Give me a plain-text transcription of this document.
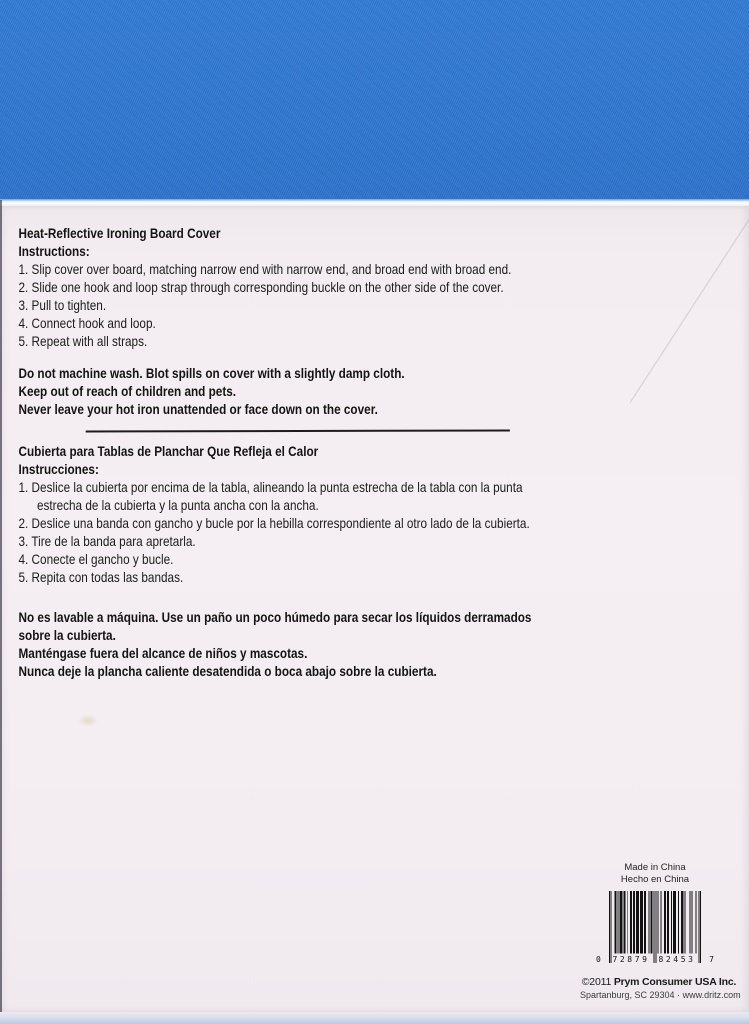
Heat-Reflective Ironing Board Cover
Instructions:
1. Slip cover over board, matching narrow end with narrow end, and broad end with broad end.
2. Slide one hook and loop strap through corresponding buckle on the other side of the cover.
3. Pull to tighten.
4. Connect hook and loop.
5. Repeat with all straps.
Do not machine wash. Blot spills on cover with a slightly damp cloth.
Keep out of reach of children and pets.
Never leave your hot iron unattended or face down on the cover.
Cubierta para Tablas de Planchar Que Refleja el Calor
Instrucciones:
1. Deslice la cubierta por encima de la tabla, alineando la punta estrecha de la tabla con la punta
estrecha de la cubierta y la punta ancha con la ancha.
2. Deslice una banda con gancho y bucle por la hebilla correspondiente al otro lado de la cubierta.
3. Tire de la banda para apretarla.
4. Conecte el gancho y bucle.
5. Repita con todas las bandas.
No es lavable a máquina. Use un paño un poco húmedo para secar los líquidos derramados
sobre la cubierta.
Manténgase fuera del alcance de niños y mascotas.
Nunca deje la plancha caliente desatendida o boca abajo sobre la cubierta.
Made in China
Hecho en China
0	72879	82453	7
©2011 Prym Consumer USA Inc.
Spartanburg, SC 29304 · www.dritz.com
